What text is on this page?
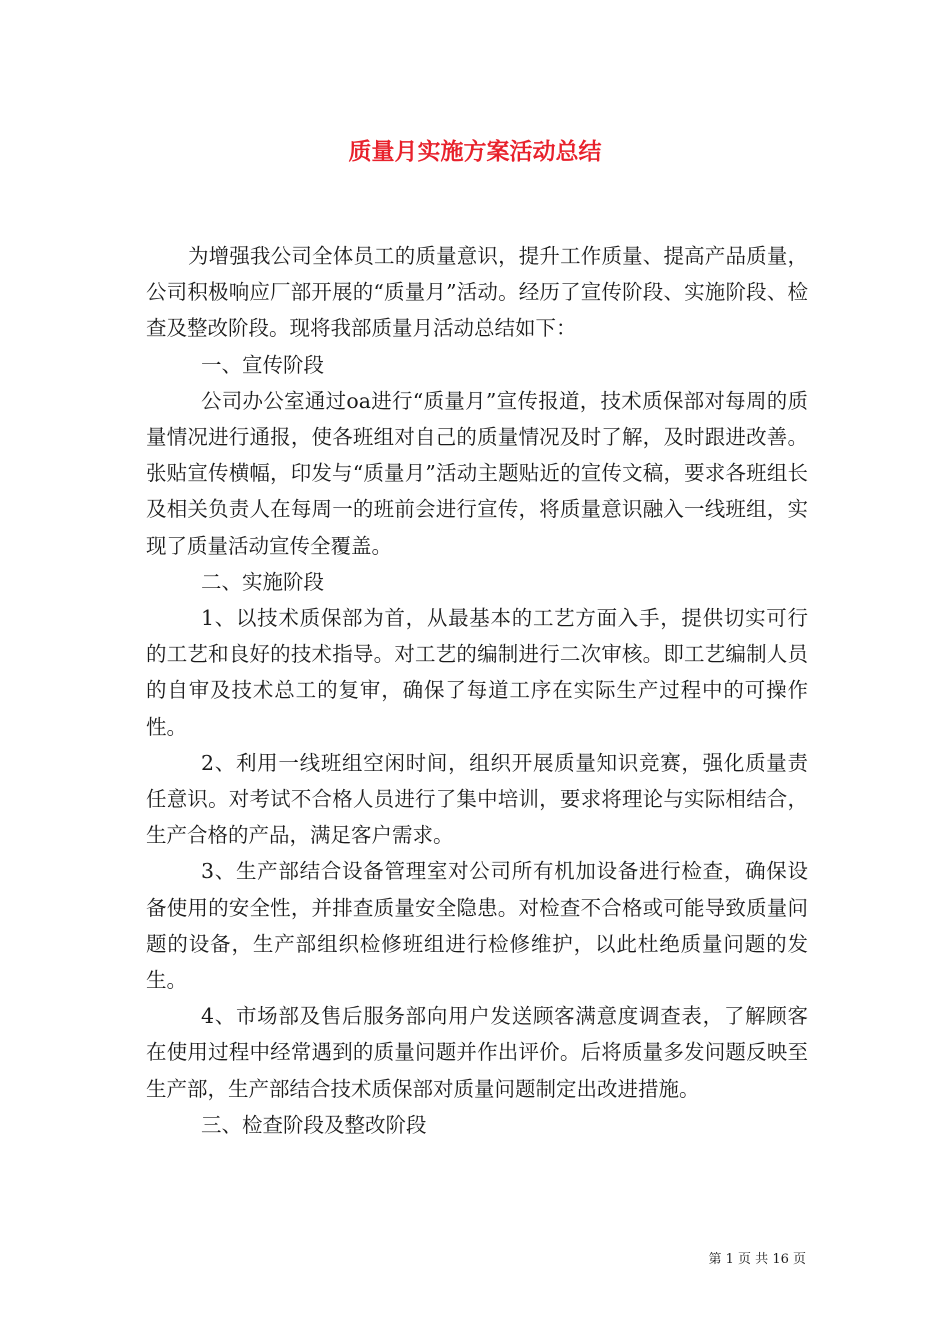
质量月实施方案活动总结

为增强我公司全体员工的质量意识，提升工作质量、提高产品质量，公司积极响应厂部开展的“质量月”活动。经历了宣传阶段、实施阶段、检查及整改阶段。现将我部质量月活动总结如下：

一、宣传阶段

公司办公室通过oa进行“质量月”宣传报道，技术质保部对每周的质量情况进行通报，使各班组对自己的质量情况及时了解，及时跟进改善。张贴宣传横幅，印发与“质量月”活动主题贴近的宣传文稿，要求各班组长及相关负责人在每周一的班前会进行宣传，将质量意识融入一线班组，实现了质量活动宣传全覆盖。

二、实施阶段

1、以技术质保部为首，从最基本的工艺方面入手，提供切实可行的工艺和良好的技术指导。对工艺的编制进行二次审核。即工艺编制人员的自审及技术总工的复审，确保了每道工序在实际生产过程中的可操作性。

2、利用一线班组空闲时间，组织开展质量知识竞赛，强化质量责任意识。对考试不合格人员进行了集中培训，要求将理论与实际相结合，生产合格的产品，满足客户需求。

3、生产部结合设备管理室对公司所有机加设备进行检查，确保设备使用的安全性，并排查质量安全隐患。对检查不合格或可能导致质量问题的设备，生产部组织检修班组进行检修维护，以此杜绝质量问题的发生。

4、市场部及售后服务部向用户发送顾客满意度调查表，了解顾客在使用过程中经常遇到的质量问题并作出评价。后将质量多发问题反映至生产部，生产部结合技术质保部对质量问题制定出改进措施。

三、检查阶段及整改阶段

第 1 页 共 16 页
